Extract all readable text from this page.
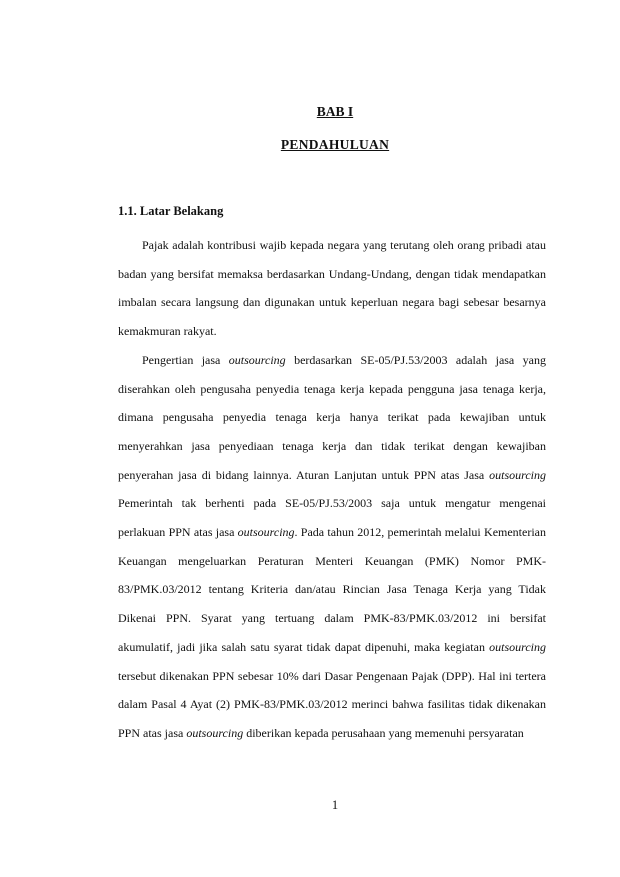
BAB I
PENDAHULUAN
1.1. Latar Belakang

Pajak adalah kontribusi wajib kepada negara yang terutang oleh orang pribadi atau badan yang bersifat memaksa berdasarkan Undang-Undang, dengan tidak mendapatkan imbalan secara langsung dan digunakan untuk keperluan negara bagi sebesar besarnya kemakmuran rakyat.

Pengertian jasa outsourcing berdasarkan SE-05/PJ.53/2003 adalah jasa yang diserahkan oleh pengusaha penyedia tenaga kerja kepada pengguna jasa tenaga kerja, dimana pengusaha penyedia tenaga kerja hanya terikat pada kewajiban untuk menyerahkan jasa penyediaan tenaga kerja dan tidak terikat dengan kewajiban penyerahan jasa di bidang lainnya. Aturan Lanjutan untuk PPN atas Jasa outsourcing Pemerintah tak berhenti pada SE-05/PJ.53/2003 saja untuk mengatur mengenai perlakuan PPN atas jasa outsourcing. Pada tahun 2012, pemerintah melalui Kementerian Keuangan mengeluarkan Peraturan Menteri Keuangan (PMK) Nomor PMK-83/PMK.03/2012 tentang Kriteria dan/atau Rincian Jasa Tenaga Kerja yang Tidak Dikenai PPN. Syarat yang tertuang dalam PMK-83/PMK.03/2012 ini bersifat akumulatif, jadi jika salah satu syarat tidak dapat dipenuhi, maka kegiatan outsourcing tersebut dikenakan PPN sebesar 10% dari Dasar Pengenaan Pajak (DPP). Hal ini tertera dalam Pasal 4 Ayat (2) PMK-83/PMK.03/2012 merinci bahwa fasilitas tidak dikenakan PPN atas jasa outsourcing diberikan kepada perusahaan yang memenuhi persyaratan

1
